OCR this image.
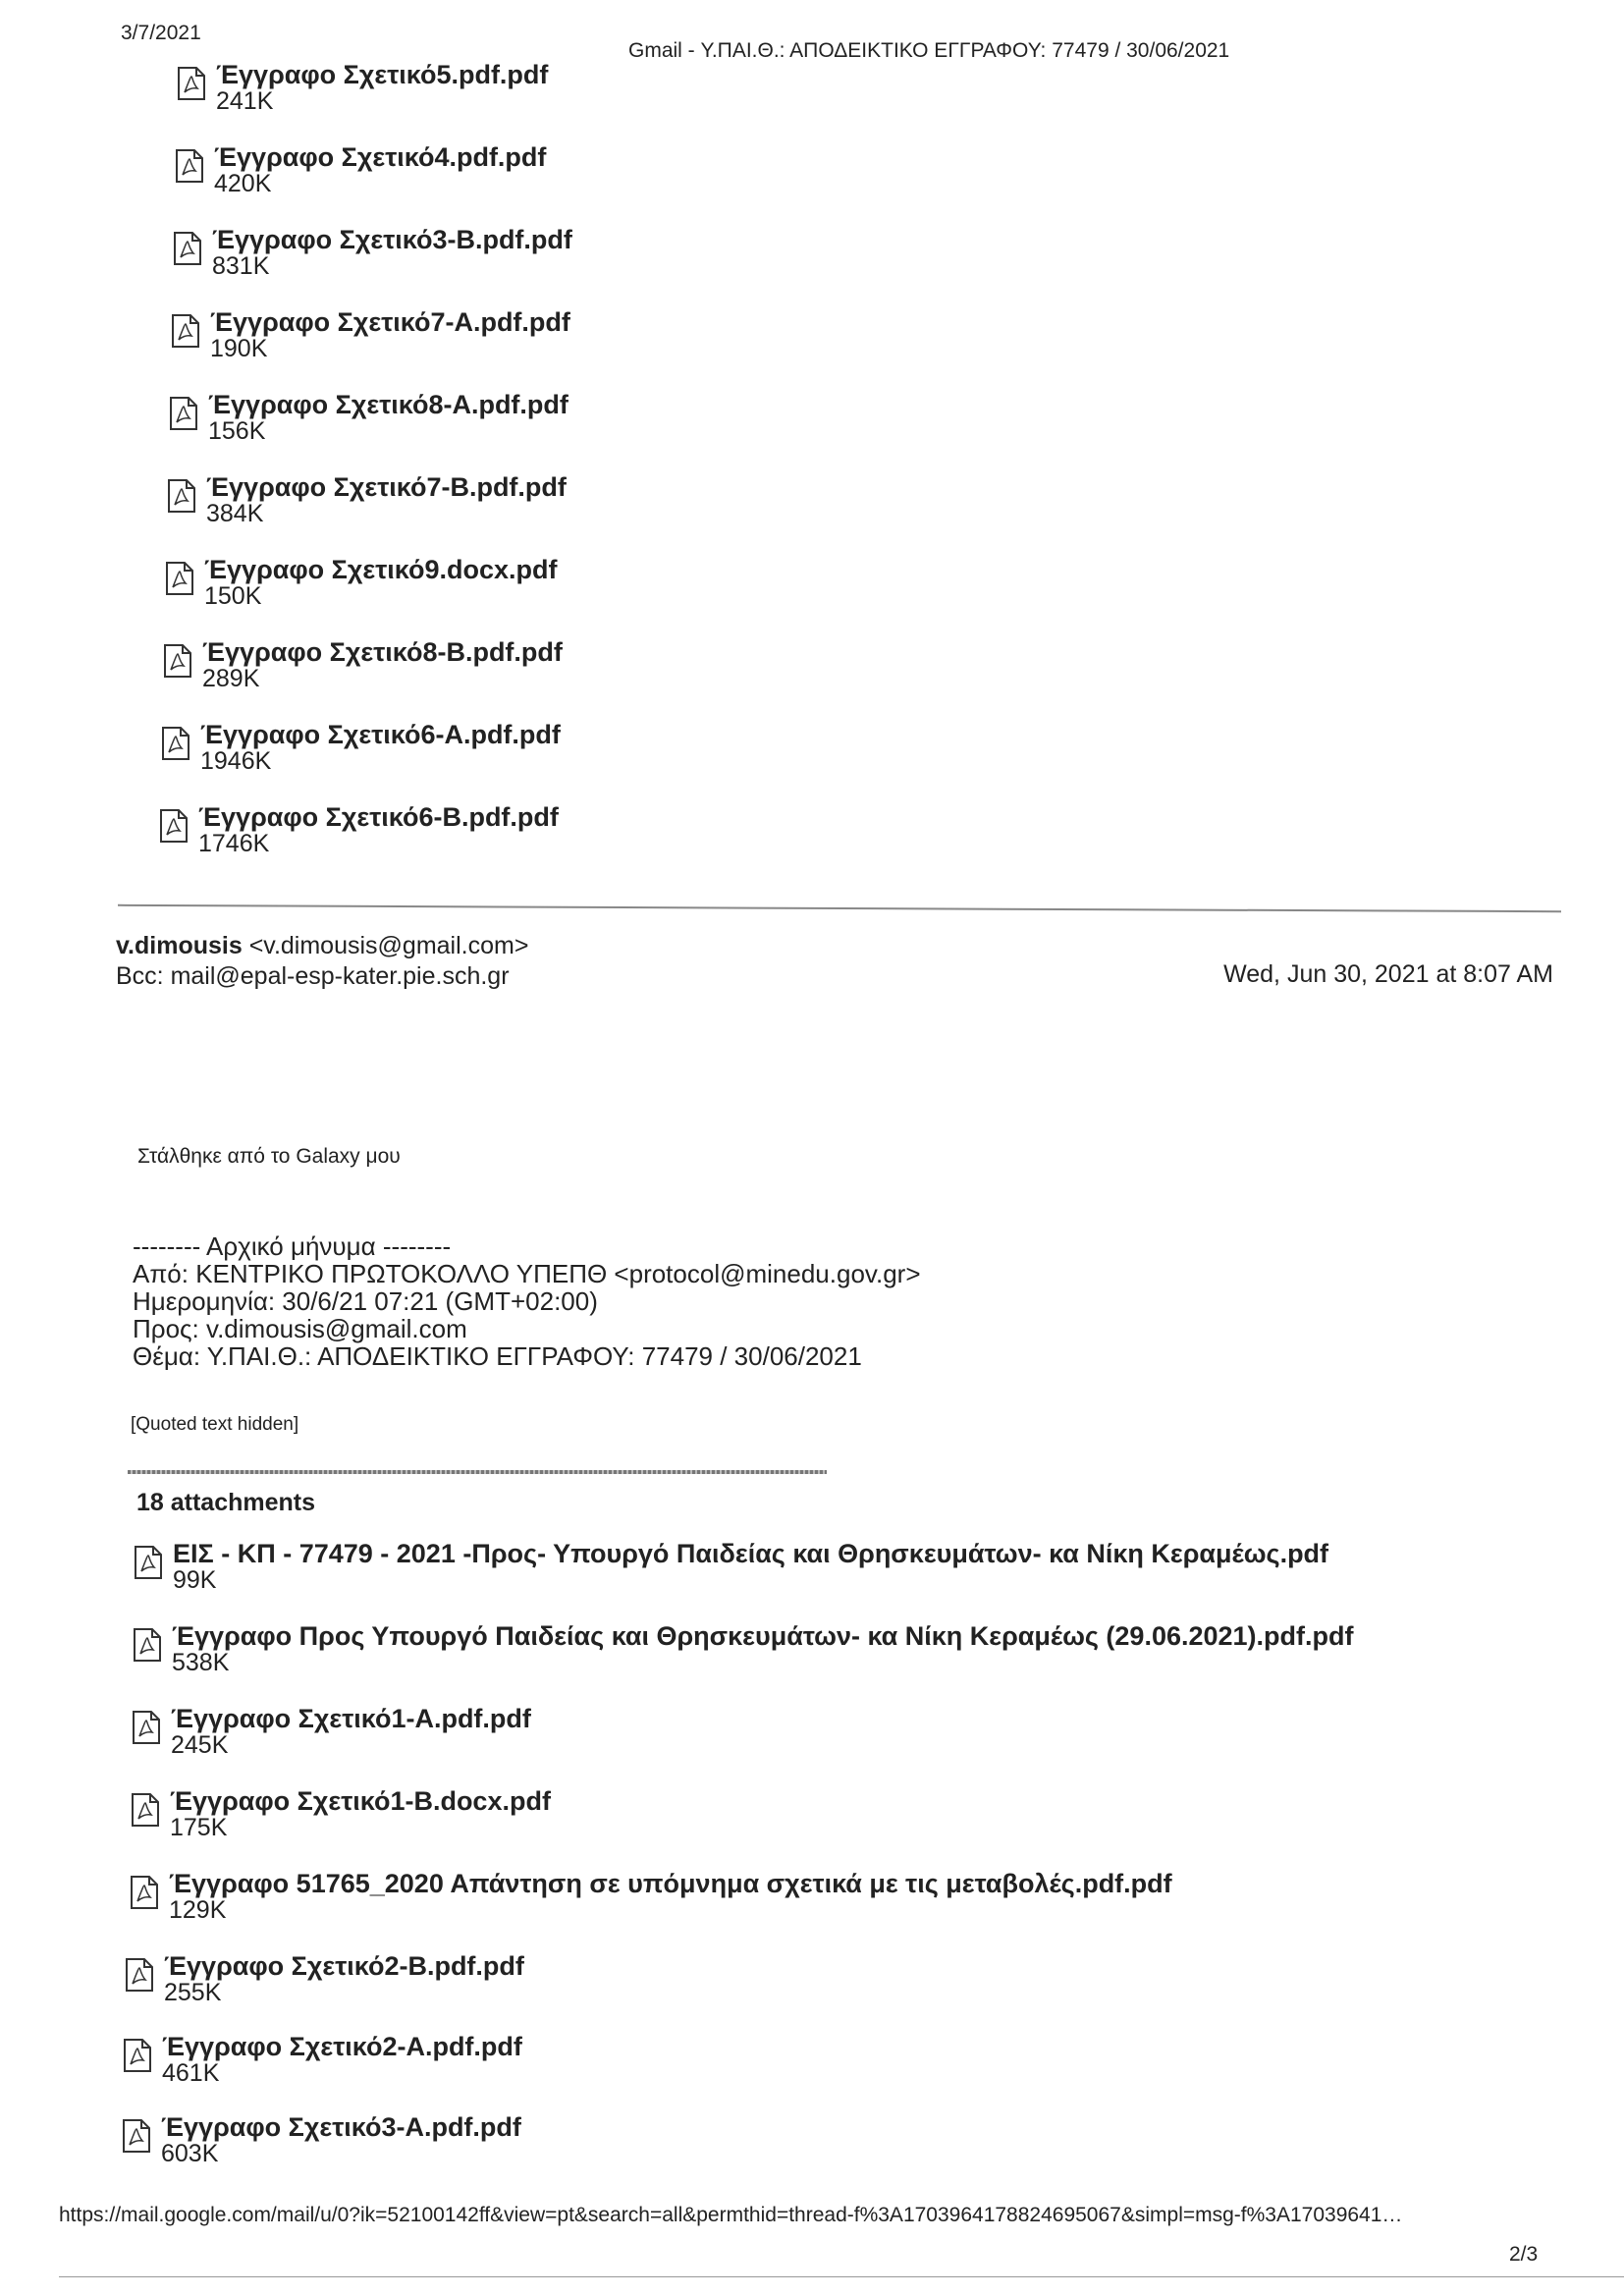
3/7/2021
Gmail - Υ.ΠΑΙ.Θ.: ΑΠΟΔΕΙΚΤΙΚΟ ΕΓΓΡΑΦΟΥ: 77479 / 30/06/2021
Έγγραφο Σχετικό5.pdf.pdf
241K
Έγγραφο Σχετικό4.pdf.pdf
420K
Έγγραφο Σχετικό3-Β.pdf.pdf
831K
Έγγραφο Σχετικό7-Α.pdf.pdf
190K
Έγγραφο Σχετικό8-Α.pdf.pdf
156K
Έγγραφο Σχετικό7-Β.pdf.pdf
384K
Έγγραφο Σχετικό9.docx.pdf
150K
Έγγραφο Σχετικό8-Β.pdf.pdf
289K
Έγγραφο Σχετικό6-Α.pdf.pdf
1946K
Έγγραφο Σχετικό6-Β.pdf.pdf
1746K
v.dimousis <v.dimousis@gmail.com>
Bcc: mail@epal-esp-kater.pie.sch.gr	Wed, Jun 30, 2021 at 8:07 AM
Στάλθηκε από το Galaxy μου
-------- Αρχικό μήνυμα --------
Από: ΚΕΝΤΡΙΚΟ ΠΡΩΤΟΚΟΛΛΟ ΥΠΕΠΘ <protocol@minedu.gov.gr>
Ημερομηνία: 30/6/21 07:21 (GMT+02:00)
Προς: v.dimousis@gmail.com
Θέμα: Υ.ΠΑΙ.Θ.: ΑΠΟΔΕΙΚΤΙΚΟ ΕΓΓΡΑΦΟΥ: 77479 / 30/06/2021
[Quoted text hidden]
18 attachments
ΕΙΣ - ΚΠ - 77479 - 2021 -Προς- Υπουργό Παιδείας και Θρησκευμάτων- κα Νίκη Κεραμέως.pdf
99K
Έγγραφο Προς Υπουργό Παιδείας και Θρησκευμάτων- κα Νίκη Κεραμέως (29.06.2021).pdf.pdf
538K
Έγγραφο Σχετικό1-Α.pdf.pdf
245K
Έγγραφο Σχετικό1-Β.docx.pdf
175K
Έγγραφο 51765_2020 Απάντηση σε υπόμνημα σχετικά με τις μεταβολές.pdf.pdf
129K
Έγγραφο Σχετικό2-Β.pdf.pdf
255K
Έγγραφο Σχετικό2-Α.pdf.pdf
461K
Έγγραφο Σχετικό3-Α.pdf.pdf
603K
https://mail.google.com/mail/u/0?ik=52100142ff&view=pt&search=all&permthid=thread-f%3A1703964178824695067&simpl=msg-f%3A17039641…
2/3
